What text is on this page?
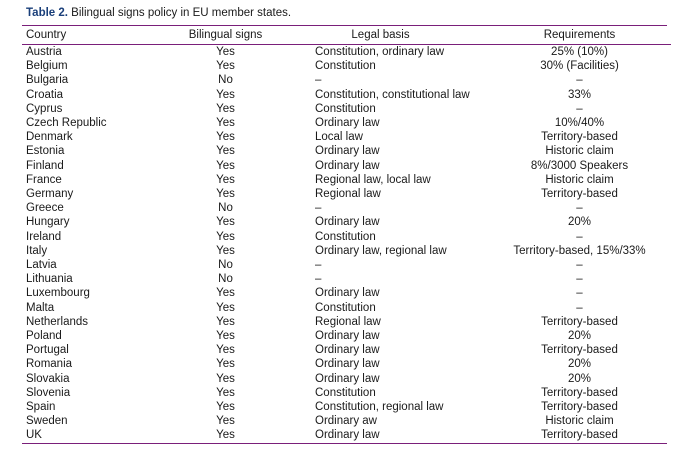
Table 2. Bilingual signs policy in EU member states.
Country	Bilingual signs	Legal basis	Requirements
Austria	Yes	Constitution, ordinary law	25% (10%)
Belgium	Yes	Constitution	30% (Facilities)
Bulgaria	No	–	–
Croatia	Yes	Constitution, constitutional law	33%
Cyprus	Yes	Constitution	–
Czech Republic	Yes	Ordinary law	10%/40%
Denmark	Yes	Local law	Territory-based
Estonia	Yes	Ordinary law	Historic claim
Finland	Yes	Ordinary law	8%/3000 Speakers
France	Yes	Regional law, local law	Historic claim
Germany	Yes	Regional law	Territory-based
Greece	No	–	–
Hungary	Yes	Ordinary law	20%
Ireland	Yes	Constitution	–
Italy	Yes	Ordinary law, regional law	Territory-based, 15%/33%
Latvia	No	–	–
Lithuania	No	–	–
Luxembourg	Yes	Ordinary law	–
Malta	Yes	Constitution	–
Netherlands	Yes	Regional law	Territory-based
Poland	Yes	Ordinary law	20%
Portugal	Yes	Ordinary law	Territory-based
Romania	Yes	Ordinary law	20%
Slovakia	Yes	Ordinary law	20%
Slovenia	Yes	Constitution	Territory-based
Spain	Yes	Constitution, regional law	Territory-based
Sweden	Yes	Ordinary aw	Historic claim
UK	Yes	Ordinary law	Territory-based
